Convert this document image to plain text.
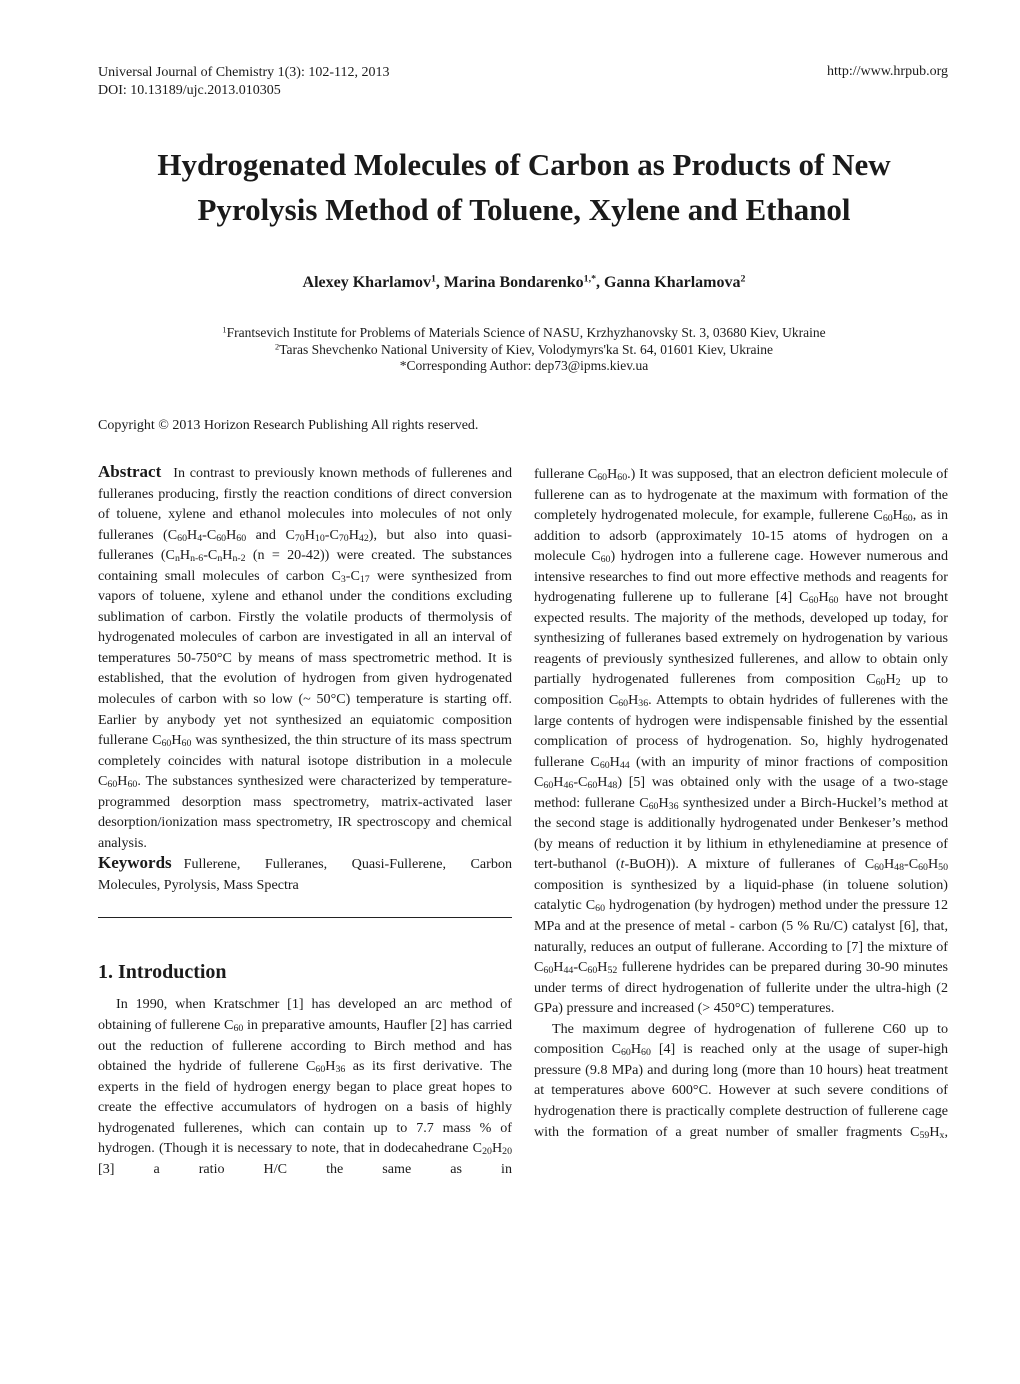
Universal Journal of Chemistry 1(3): 102-112, 2013
DOI: 10.13189/ujc.2013.010305
http://www.hrpub.org
Hydrogenated Molecules of Carbon as Products of New
Pyrolysis Method of Toluene, Xylene and Ethanol
Alexey Kharlamov$^1$, Marina Bondarenko$^{1,*}$, Ganna Kharlamova$^2$
$^1$Frantsevich Institute for Problems of Materials Science of NASU, Krzhyzhanovsky St. 3, 03680 Kiev, Ukraine
$^2$Taras Shevchenko National University of Kiev, Volodymyrs'ka St. 64, 01601 Kiev, Ukraine
*Corresponding Author: dep73@ipms.kiev.ua
Copyright © 2013 Horizon Research Publishing All rights reserved.

Abstract In contrast to previously known methods of fullerenes and fulleranes producing, firstly the reaction conditions of direct conversion of toluene, xylene and ethanol molecules into molecules of not only fulleranes ($C_{60}H_4-C_{60}H_{60}$ and $C_{70}H_{10}-C_{70}H_{42}$), but also into quasi-fulleranes ($C_nH_{n-6}-C_nH_{n-2}$ (n = 20-42)) were created. The substances containing small molecules of carbon $C_3-C_{17}$ were synthesized from vapors of toluene, xylene and ethanol under the conditions excluding sublimation of carbon. Firstly the volatile products of thermolysis of hydrogenated molecules of carbon are investigated in all an interval of temperatures 50-750°C by means of mass spectrometric method. It is established, that the evolution of hydrogen from given hydrogenated molecules of carbon with so low (~ 50°C) temperature is starting off. Earlier by anybody yet not synthesized an equiatomic composition fullerane $C_{60}H_{60}$ was synthesized, the thin structure of its mass spectrum completely coincides with natural isotope distribution in a molecule $C_{60}H_{60}$. The substances synthesized were characterized by temperature-programmed desorption mass spectrometry, matrix-activated laser desorption/ionization mass spectrometry, IR spectroscopy and chemical analysis.

Keywords Fullerene, Fulleranes, Quasi-Fullerene, Carbon Molecules, Pyrolysis, Mass Spectra

1. Introduction

In 1990, when Kratschmer [1] has developed an arc method of obtaining of fullerene $C_{60}$ in preparative amounts, Haufler [2] has carried out the reduction of fullerene according to Birch method and has obtained the hydride of fullerene $C_{60}H_{36}$ as its first derivative. The experts in the field of hydrogen energy began to place great hopes to create the effective accumulators of hydrogen on a basis of highly hydrogenated fullerenes, which can contain up to 7.7 mass % of hydrogen. (Though it is necessary to note, that in dodecahedrane $C_{20}H_{20}$ [3] a ratio H/C the same as in

fullerane $C_{60}H_{60}$.) It was supposed, that an electron deficient molecule of fullerene can as to hydrogenate at the maximum with formation of the completely hydrogenated molecule, for example, fullerene $C_{60}H_{60}$, as in addition to adsorb (approximately 10-15 atoms of hydrogen on a molecule $C_{60}$) hydrogen into a fullerene cage. However numerous and intensive researches to find out more effective methods and reagents for hydrogenating fullerene up to fullerane [4] $C_{60}H_{60}$ have not brought expected results. The majority of the methods, developed up today, for synthesizing of fulleranes based extremely on hydrogenation by various reagents of previously synthesized fullerenes, and allow to obtain only partially hydrogenated fullerenes from composition $C_{60}H_2$ up to composition $C_{60}H_{36}$. Attempts to obtain hydrides of fullerenes with the large contents of hydrogen were indispensable finished by the essential complication of process of hydrogenation. So, highly hydrogenated fullerane $C_{60}H_{44}$ (with an impurity of minor fractions of composition $C_{60}H_{46}-C_{60}H_{48}$) [5] was obtained only with the usage of a two-stage method: fullerane $C_{60}H_{36}$ synthesized under a Birch-Huckel’s method at the second stage is additionally hydrogenated under Benkeser’s method (by means of reduction it by lithium in ethylenediamine at presence of tert-buthanol (t-BuOH)). A mixture of fulleranes of $C_{60}H_{48}-C_{60}H_{50}$ composition is synthesized by a liquid-phase (in toluene solution) catalytic $C_{60}$ hydrogenation (by hydrogen) method under the pressure 12 MPa and at the presence of metal - carbon (5 % Ru/C) catalyst [6], that, naturally, reduces an output of fullerane. According to [7] the mixture of $C_{60}H_{44}-C_{60}H_{52}$ fullerene hydrides can be prepared during 30-90 minutes under terms of direct hydrogenation of fullerite under the ultra-high (2 GPa) pressure and increased (> 450°C) temperatures.

The maximum degree of hydrogenation of fullerene C60 up to composition $C_{60}H_{60}$ [4] is reached only at the usage of super-high pressure (9.8 MPa) and during long (more than 10 hours) heat treatment at temperatures above 600°C. However at such severe conditions of hydrogenation there is practically complete destruction of fullerene cage with the formation of a great number of smaller fragments $C_{59}H_x$,
